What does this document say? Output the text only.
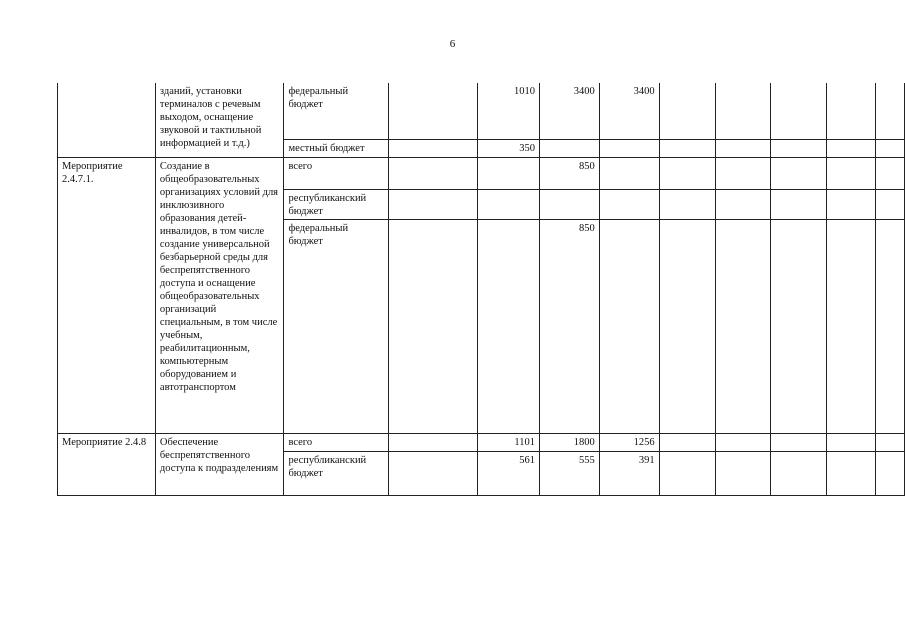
6
	зданий, установки терминалов с речевым выходом, оснащение звуковой и тактильной информацией и т.д.)	федеральный бюджет		1010	3400	3400					
		местный бюджет		350							
Мероприятие 2.4.7.1.	Создание в общеобразовательных организациях условий для инклюзивного образования детей-инвалидов, в том числе создание универсальной безбарьерной среды для беспрепятственного доступа и оснащение общеобразовательных организаций специальным, в том числе учебным, реабилитационным, компьютерным оборудованием и автотранспортом	всего			850						
		республиканский бюджет									
		федеральный бюджет			850						
Мероприятие 2.4.8	Обеспечение беспрепятственного доступа к подразделениям	всего		1101	1800	1256					
		республиканский бюджет		561	555	391					
